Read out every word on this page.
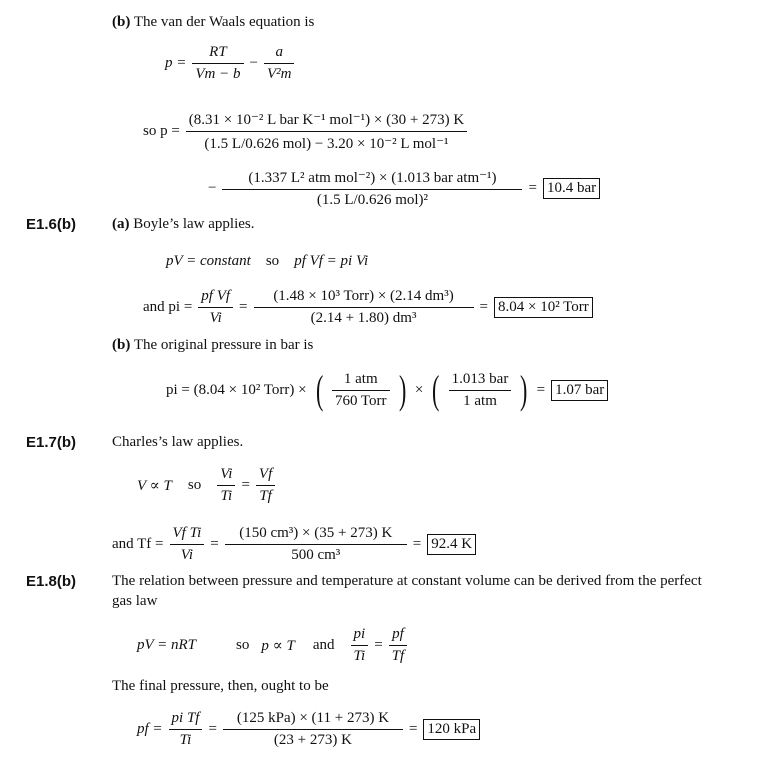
(b) The van der Waals equation is
$p = \frac{RT}{Vm - b} - \frac{a}{\text{V²m}}$
so $p = \frac{\text{(8.31 × 10⁻² L bar K⁻¹ mol⁻¹) × (30 + 273) K}}{\text{(1.5 L/0.626 mol) − 3.20 × 10⁻² L mol⁻¹}}$
− $\frac{\text{(1.337 L² atm mol⁻²) × (1.013 bar atm⁻¹)}}{\text{(1.5 L/0.626 mol)²}} = 10.4$ bar
E1.6(b) (a) Boyle’s law applies.
pV = constant so pf Vf = pi Vi
and pi = $\frac{\text{pf Vf}}{Vi} = \frac{\text{(1.48 × 10³ Torr) × (2.14 dm³)}}{\text{(2.14 + 1.80) dm³}} = 8.04 \times 10^2$ Torr
(b) The original pressure in bar is
pi = (8.04 × 10² Torr) × ( $\frac{\text{1 atm}}{\text{760 Torr}}$ ) × ( $\frac{\text{1.013 bar}}{\text{1 atm}}$ ) = 1.07 bar
E1.7(b) Charles’s law applies.
V ∝ T so $\frac{Vi}{Ti} = \frac{Vf}{Tf}$
and $Tf = \frac{\text{Vf Ti}}{Vi} = \frac{\text{(150 cm³) × (35 + 273) K}}{\text{500 cm³}} = 92.4$ K
E1.8(b) The relation between pressure and temperature at constant volume can be derived from the perfect
gas law
pV = nRT	so p ∝ T and $\frac{pi}{Ti} = \frac{pf}{Tf}$
The final pressure, then, ought to be
pf = $\frac{\text{pi Tf}}{Ti} = \frac{\text{(125 kPa) × (11 + 273) K}}{(23 + 273) K} = 120$ kPa
